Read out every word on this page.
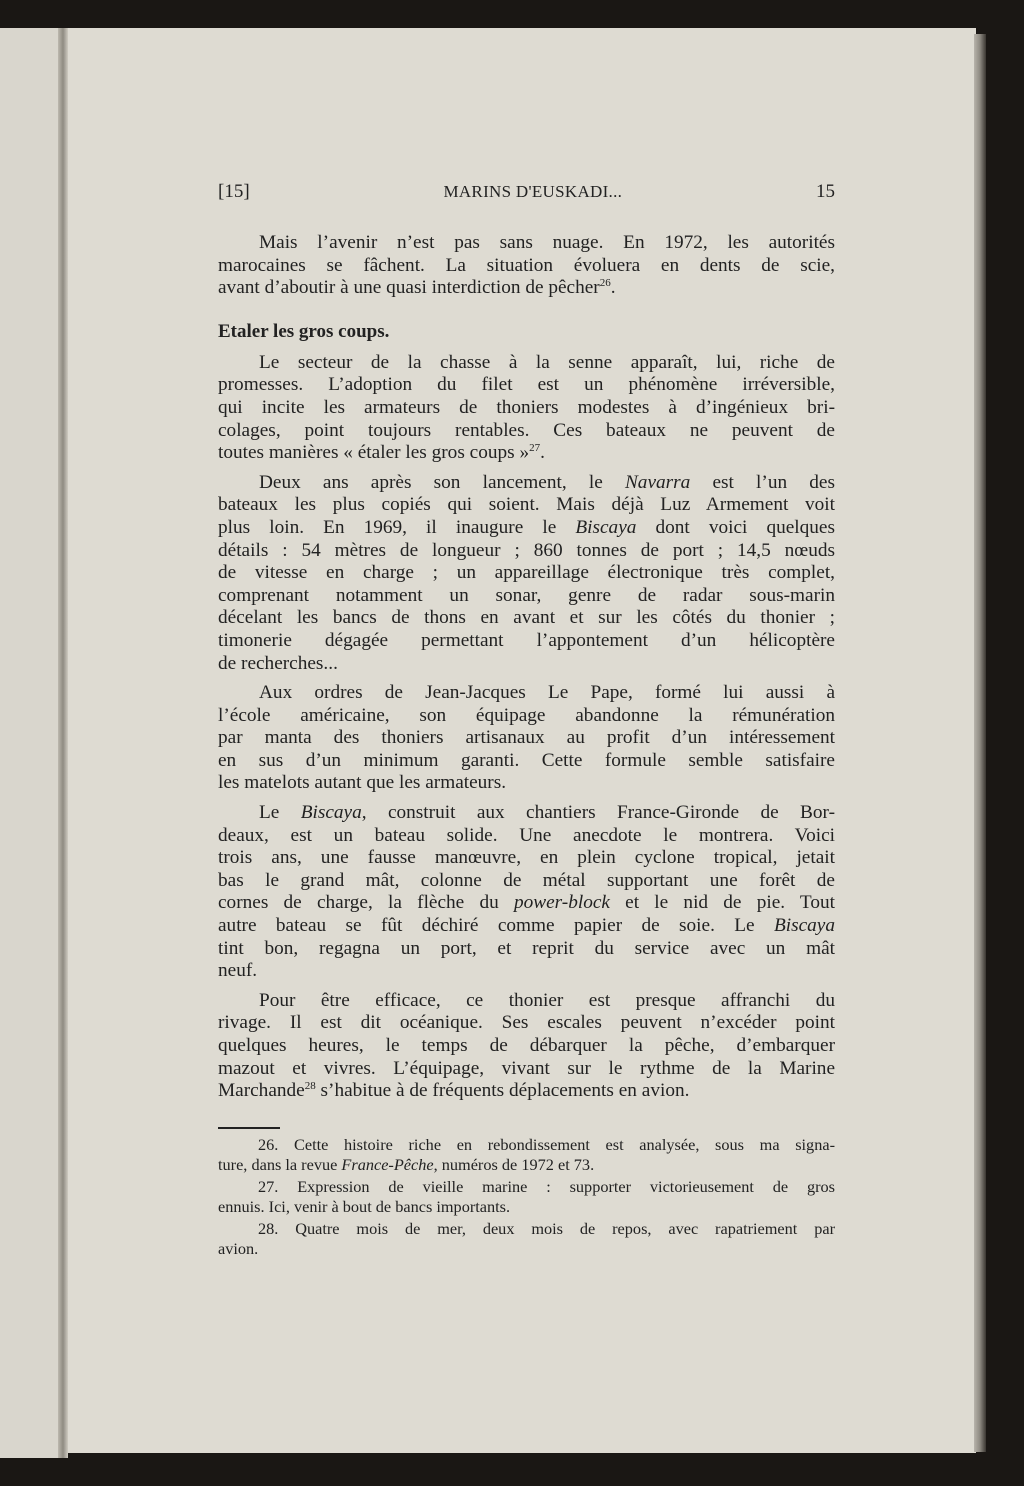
[15]	MARINS D'EUSKADI...	15
Mais l’avenir n’est pas sans nuage. En 1972, les autorités
marocaines se fâchent. La situation évoluera en dents de scie,
avant d’aboutir à une quasi interdiction de pêcher$^{26}$.
Etaler les gros coups.
Le secteur de la chasse à la senne apparaît, lui, riche de
promesses. L’adoption du filet est un phénomène irréversible,
qui incite les armateurs de thoniers modestes à d’ingénieux bri-
colages, point toujours rentables. Ces bateaux ne peuvent de
toutes manières « étaler les gros coups »$^{27}$.
Deux ans après son lancement, le Navarra est l’un des
bateaux les plus copiés qui soient. Mais déjà Luz Armement voit
plus loin. En 1969, il inaugure le Biscaya dont voici quelques
détails : 54 mètres de longueur ; 860 tonnes de port ; 14,5 nœuds
de vitesse en charge ; un appareillage électronique très complet,
comprenant notamment un sonar, genre de radar sous-marin
décelant les bancs de thons en avant et sur les côtés du thonier ;
timonerie dégagée permettant l’appontement d’un hélicoptère
de recherches...
Aux ordres de Jean-Jacques Le Pape, formé lui aussi à
l’école américaine, son équipage abandonne la rémunération
par manta des thoniers artisanaux au profit d’un intéressement
en sus d’un minimum garanti. Cette formule semble satisfaire
les matelots autant que les armateurs.
Le Biscaya, construit aux chantiers France-Gironde de Bor-
deaux, est un bateau solide. Une anecdote le montrera. Voici
trois ans, une fausse manœuvre, en plein cyclone tropical, jetait
bas le grand mât, colonne de métal supportant une forêt de
cornes de charge, la flèche du power-block et le nid de pie. Tout
autre bateau se fût déchiré comme papier de soie. Le Biscaya
tint bon, regagna un port, et reprit du service avec un mât
neuf.
Pour être efficace, ce thonier est presque affranchi du
rivage. Il est dit océanique. Ses escales peuvent n’excéder point
quelques heures, le temps de débarquer la pêche, d’embarquer
mazout et vivres. L’équipage, vivant sur le rythme de la Marine
Marchande$^{28}$ s’habitue à de fréquents déplacements en avion.
26. Cette histoire riche en rebondissement est analysée, sous ma signa-
ture, dans la revue France-Pêche, numéros de 1972 et 73.
27. Expression de vieille marine : supporter victorieusement de gros
ennuis. Ici, venir à bout de bancs importants.
28. Quatre mois de mer, deux mois de repos, avec rapatriement par
avion.
